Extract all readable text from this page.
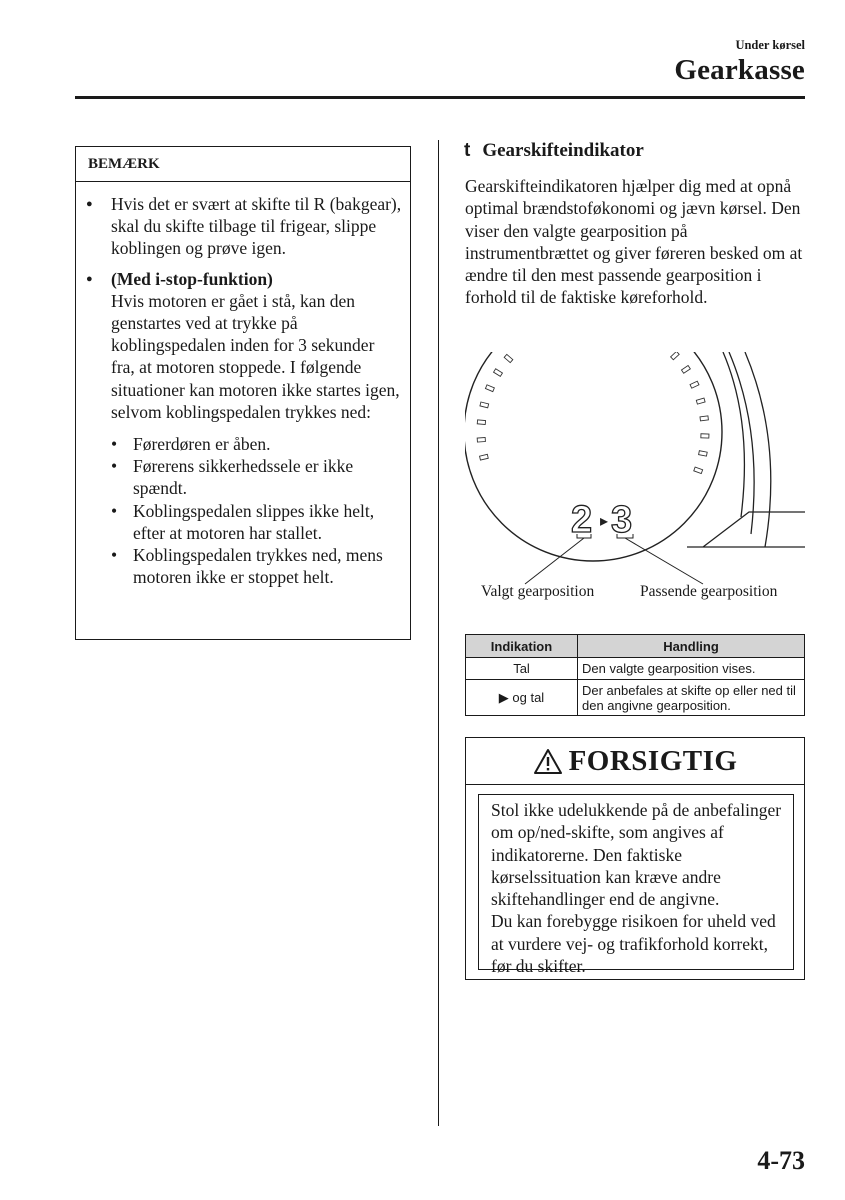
Under kørsel
Gearkasse
BEMÆRK
● Hvis det er svært at skifte til R (bakgear), skal du skifte tilbage til frigear, slippe koblingen og prøve igen.
● (Med i-stop-funktion)
Hvis motoren er gået i stå, kan den genstartes ved at trykke på koblingspedalen inden for 3 sekunder fra, at motoren stoppede. I følgende situationer kan motoren ikke startes igen, selvom koblingspedalen trykkes ned:
• Førerdøren er åben.
• Førerens sikkerhedssele er ikke spændt.
• Koblingspedalen slippes ikke helt, efter at motoren har stallet.
• Koblingspedalen trykkes ned, mens motoren ikke er stoppet helt.
t Gearskifteindikator

Gearskifteindikatoren hjælper dig med at opnå optimal brændstoføkonomi og jævn kørsel. Den viser den valgte gearposition på instrumentbrættet og giver føreren besked om at ændre til den mest passende gearposition i forhold til de faktiske køreforhold.

2 ▸ 3
Valgt gearposition	Passende gearposition
Indikation	Handling
Tal	Den valgte gearposition vises.
▶ og tal	Der anbefales at skifte op eller ned til den angivne gearposition.
FORSIGTIG

Stol ikke udelukkende på de anbefalinger om op/ned-skifte, som angives af indikatorerne. Den faktiske kørselssituation kan kræve andre skiftehandlinger end de angivne.

Du kan forebygge risikoen for uheld ved at vurdere vej- og trafikforhold korrekt, før du skifter.

4-73
